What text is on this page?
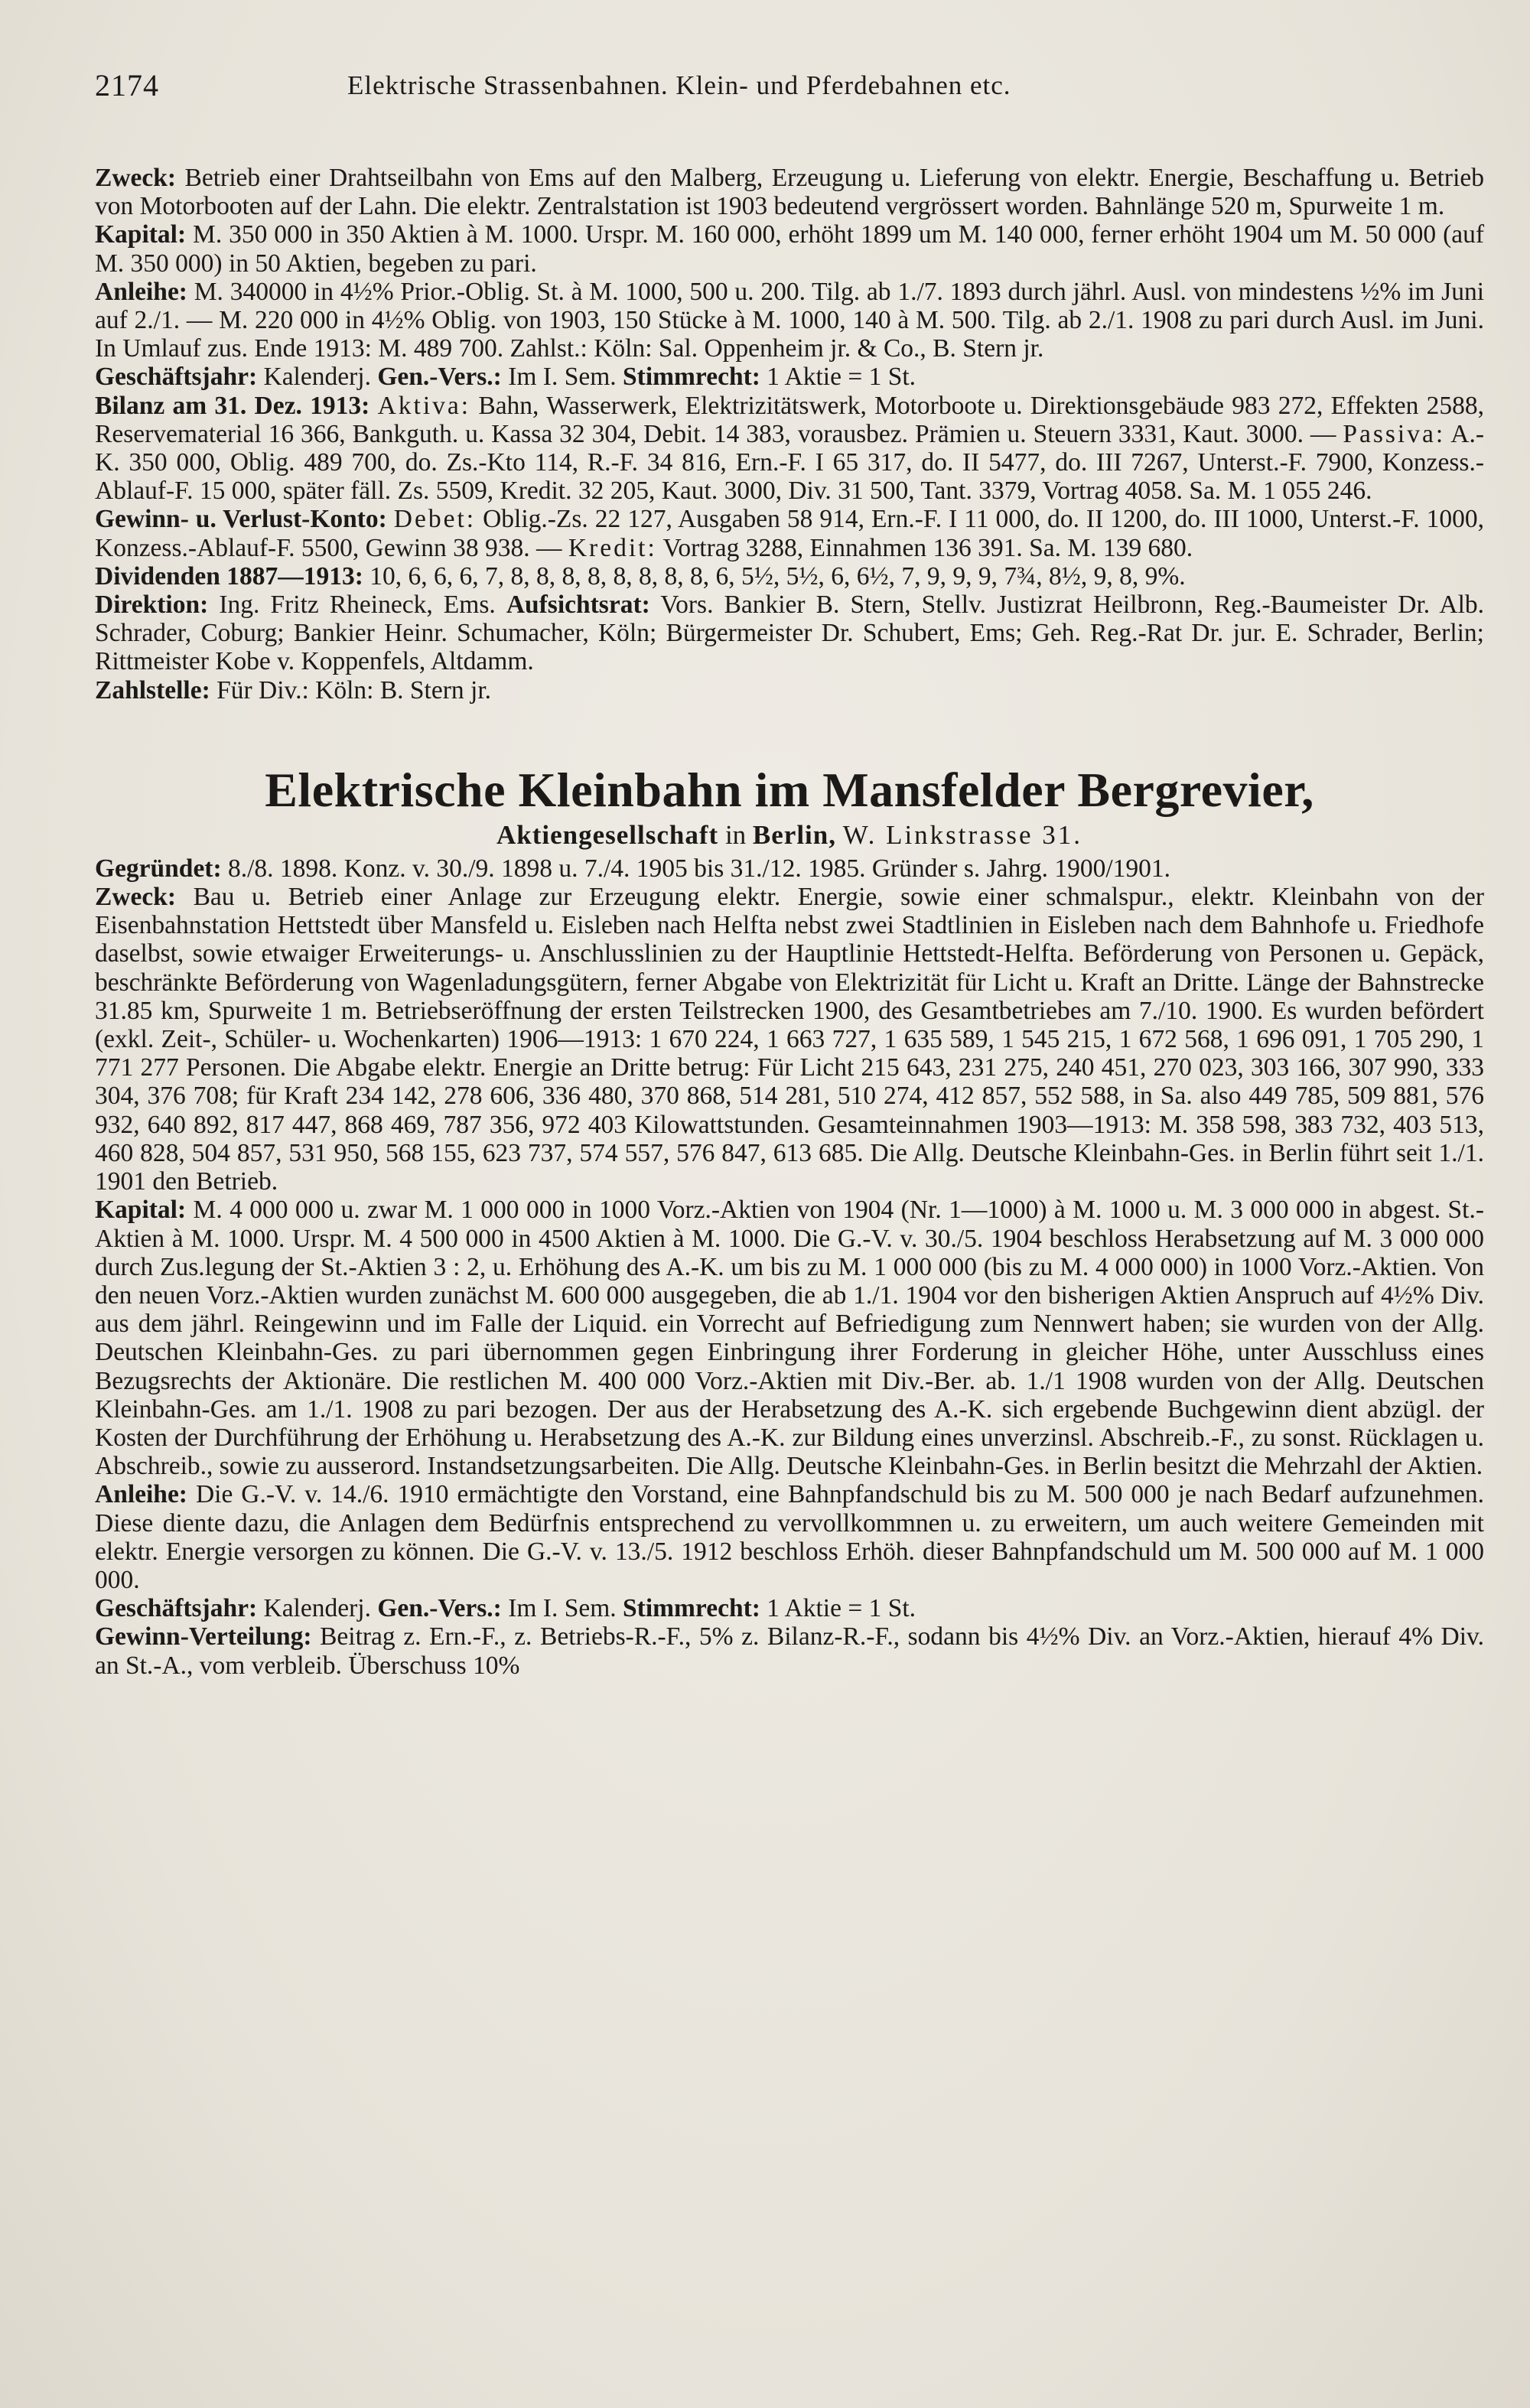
2174	Elektrische Strassenbahnen. Klein- und Pferdebahnen etc.

Zweck: Betrieb einer Drahtseilbahn von Ems auf den Malberg, Erzeugung u. Lieferung von elektr. Energie, Beschaffung u. Betrieb von Motorbooten auf der Lahn. Die elektr. Zentralstation ist 1903 bedeutend vergrössert worden. Bahnlänge 520 m, Spurweite 1 m.

Kapital: M. 350 000 in 350 Aktien à M. 1000. Urspr. M. 160 000, erhöht 1899 um M. 140 000, ferner erhöht 1904 um M. 50 000 (auf M. 350 000) in 50 Aktien, begeben zu pari.

Anleihe: M. 340000 in 4½% Prior.-Oblig. St. à M. 1000, 500 u. 200. Tilg. ab 1./7. 1893 durch jährl. Ausl. von mindestens ½% im Juni auf 2./1. — M. 220 000 in 4½% Oblig. von 1903, 150 Stücke à M. 1000, 140 à M. 500. Tilg. ab 2./1. 1908 zu pari durch Ausl. im Juni. In Umlauf zus. Ende 1913: M. 489 700. Zahlst.: Köln: Sal. Oppenheim jr. & Co., B. Stern jr.

Geschäftsjahr: Kalenderj. Gen.-Vers.: Im I. Sem. Stimmrecht: 1 Aktie = 1 St.

Bilanz am 31. Dez. 1913: Aktiva: Bahn, Wasserwerk, Elektrizitätswerk, Motorboote u. Direktionsgebäude 983 272, Effekten 2588, Reservematerial 16 366, Bankguth. u. Kassa 32 304, Debit. 14 383, vorausbez. Prämien u. Steuern 3331, Kaut. 3000. — Passiva: A.-K. 350 000, Oblig. 489 700, do. Zs.-Kto 114, R.-F. 34 816, Ern.-F. I 65 317, do. II 5477, do. III 7267, Unterst.-F. 7900, Konzess.-Ablauf-F. 15 000, später fäll. Zs. 5509, Kredit. 32 205, Kaut. 3000, Div. 31 500, Tant. 3379, Vortrag 4058. Sa. M. 1 055 246.

Gewinn- u. Verlust-Konto: Debet: Oblig.-Zs. 22 127, Ausgaben 58 914, Ern.-F. I 11 000, do. II 1200, do. III 1000, Unterst.-F. 1000, Konzess.-Ablauf-F. 5500, Gewinn 38 938. — Kredit: Vortrag 3288, Einnahmen 136 391. Sa. M. 139 680.

Dividenden 1887—1913: 10, 6, 6, 6, 7, 8, 8, 8, 8, 8, 8, 8, 8, 6, 5½, 5½, 6, 6½, 7, 9, 9, 9, 7¾, 8½, 9, 8, 9%.

Direktion: Ing. Fritz Rheineck, Ems. Aufsichtsrat: Vors. Bankier B. Stern, Stellv. Justizrat Heilbronn, Reg.-Baumeister Dr. Alb. Schrader, Coburg; Bankier Heinr. Schumacher, Köln; Bürgermeister Dr. Schubert, Ems; Geh. Reg.-Rat Dr. jur. E. Schrader, Berlin; Rittmeister Kobe v. Koppenfels, Altdamm.

Zahlstelle: Für Div.: Köln: B. Stern jr.

Elektrische Kleinbahn im Mansfelder Bergrevier,
Aktiengesellschaft in Berlin, W. Linkstrasse 31.

Gegründet: 8./8. 1898. Konz. v. 30./9. 1898 u. 7./4. 1905 bis 31./12. 1985. Gründer s. Jahrg. 1900/1901.

Zweck: Bau u. Betrieb einer Anlage zur Erzeugung elektr. Energie, sowie einer schmalspur., elektr. Kleinbahn von der Eisenbahnstation Hettstedt über Mansfeld u. Eisleben nach Helfta nebst zwei Stadtlinien in Eisleben nach dem Bahnhofe u. Friedhofe daselbst, sowie etwaiger Erweiterungs- u. Anschlusslinien zu der Hauptlinie Hettstedt-Helfta. Beförderung von Personen u. Gepäck, beschränkte Beförderung von Wagenladungsgütern, ferner Abgabe von Elektrizität für Licht u. Kraft an Dritte. Länge der Bahnstrecke 31.85 km, Spurweite 1 m. Betriebseröffnung der ersten Teilstrecken 1900, des Gesamtbetriebes am 7./10. 1900. Es wurden befördert (exkl. Zeit-, Schüler- u. Wochenkarten) 1906—1913: 1 670 224, 1 663 727, 1 635 589, 1 545 215, 1 672 568, 1 696 091, 1 705 290, 1 771 277 Personen. Die Abgabe elektr. Energie an Dritte betrug: Für Licht 215 643, 231 275, 240 451, 270 023, 303 166, 307 990, 333 304, 376 708; für Kraft 234 142, 278 606, 336 480, 370 868, 514 281, 510 274, 412 857, 552 588, in Sa. also 449 785, 509 881, 576 932, 640 892, 817 447, 868 469, 787 356, 972 403 Kilowattstunden. Gesamteinnahmen 1903—1913: M. 358 598, 383 732, 403 513, 460 828, 504 857, 531 950, 568 155, 623 737, 574 557, 576 847, 613 685. Die Allg. Deutsche Kleinbahn-Ges. in Berlin führt seit 1./1. 1901 den Betrieb.

Kapital: M. 4 000 000 u. zwar M. 1 000 000 in 1000 Vorz.-Aktien von 1904 (Nr. 1—1000) à M. 1000 u. M. 3 000 000 in abgest. St.-Aktien à M. 1000. Urspr. M. 4 500 000 in 4500 Aktien à M. 1000. Die G.-V. v. 30./5. 1904 beschloss Herabsetzung auf M. 3 000 000 durch Zus.legung der St.-Aktien 3 : 2, u. Erhöhung des A.-K. um bis zu M. 1 000 000 (bis zu M. 4 000 000) in 1000 Vorz.-Aktien. Von den neuen Vorz.-Aktien wurden zunächst M. 600 000 ausgegeben, die ab 1./1. 1904 vor den bisherigen Aktien Anspruch auf 4½% Div. aus dem jährl. Reingewinn und im Falle der Liquid. ein Vorrecht auf Befriedigung zum Nennwert haben; sie wurden von der Allg. Deutschen Kleinbahn-Ges. zu pari übernommen gegen Einbringung ihrer Forderung in gleicher Höhe, unter Ausschluss eines Bezugsrechts der Aktionäre. Die restlichen M. 400 000 Vorz.-Aktien mit Div.-Ber. ab. 1./1 1908 wurden von der Allg. Deutschen Kleinbahn-Ges. am 1./1. 1908 zu pari bezogen. Der aus der Herabsetzung des A.-K. sich ergebende Buchgewinn dient abzügl. der Kosten der Durchführung der Erhöhung u. Herabsetzung des A.-K. zur Bildung eines unverzinsl. Abschreib.-F., zu sonst. Rücklagen u. Abschreib., sowie zu ausserord. Instandsetzungsarbeiten. Die Allg. Deutsche Kleinbahn-Ges. in Berlin besitzt die Mehrzahl der Aktien.

Anleihe: Die G.-V. v. 14./6. 1910 ermächtigte den Vorstand, eine Bahnpfandschuld bis zu M. 500 000 je nach Bedarf aufzunehmen. Diese diente dazu, die Anlagen dem Bedürfnis entsprechend zu vervollkommnen u. zu erweitern, um auch weitere Gemeinden mit elektr. Energie versorgen zu können. Die G.-V. v. 13./5. 1912 beschloss Erhöh. dieser Bahnpfandschuld um M. 500 000 auf M. 1 000 000.

Geschäftsjahr: Kalenderj. Gen.-Vers.: Im I. Sem. Stimmrecht: 1 Aktie = 1 St.

Gewinn-Verteilung: Beitrag z. Ern.-F., z. Betriebs-R.-F., 5% z. Bilanz-R.-F., sodann bis 4½% Div. an Vorz.-Aktien, hierauf 4% Div. an St.-A., vom verbleib. Überschuss 10%
